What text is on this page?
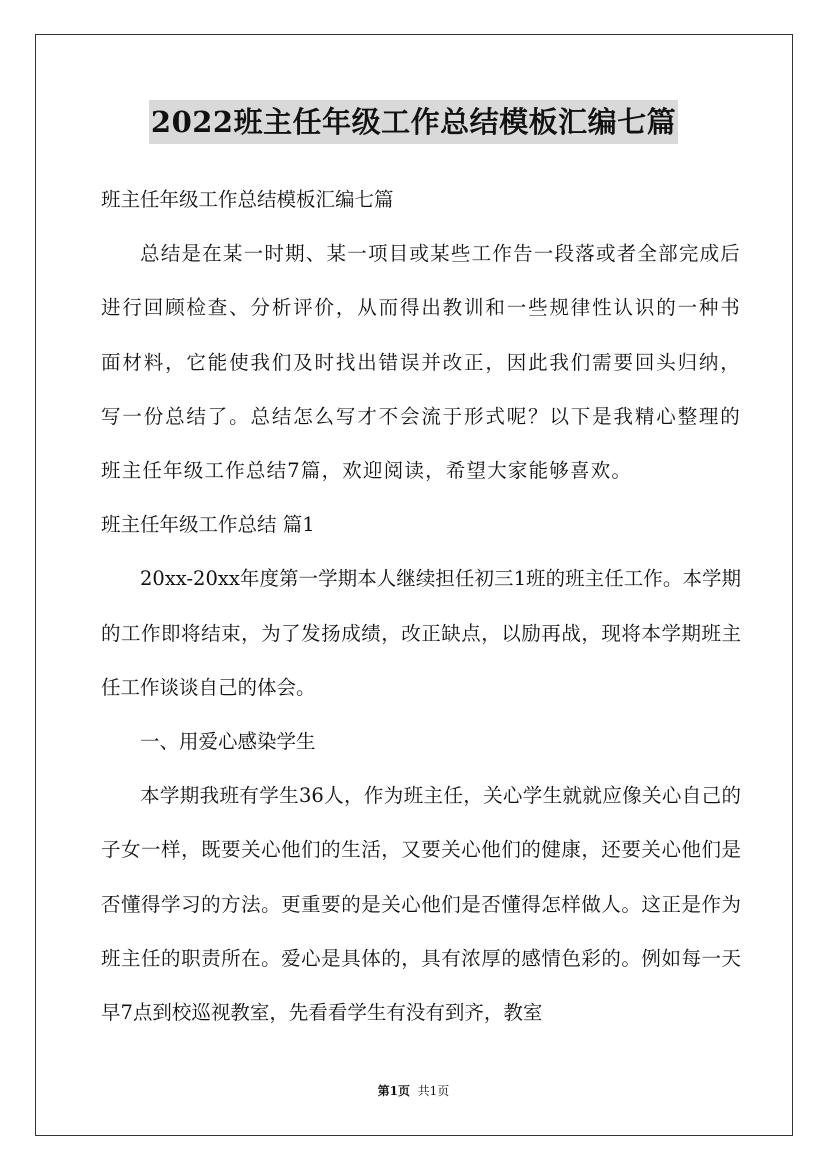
2022班主任年级工作总结模板汇编七篇

班主任年级工作总结模板汇编七篇

总结是在某一时期、某一项目或某些工作告一段落或者全部完成后进行回顾检查、分析评价，从而得出教训和一些规律性认识的一种书面材料，它能使我们及时找出错误并改正，因此我们需要回头归纳，写一份总结了。总结怎么写才不会流于形式呢？以下是我精心整理的班主任年级工作总结7篇，欢迎阅读，希望大家能够喜欢。

班主任年级工作总结 篇1

20xx-20xx年度第一学期本人继续担任初三1班的班主任工作。本学期的工作即将结束，为了发扬成绩，改正缺点，以励再战，现将本学期班主任工作谈谈自己的体会。

一、用爱心感染学生

本学期我班有学生36人，作为班主任，关心学生就就应像关心自己的子女一样，既要关心他们的生活，又要关心他们的健康，还要关心他们是否懂得学习的方法。更重要的是关心他们是否懂得怎样做人。这正是作为班主任的职责所在。爱心是具体的，具有浓厚的感情色彩的。例如每一天早7点到校巡视教室，先看看学生有没有到齐，教室

第1页 共1页
